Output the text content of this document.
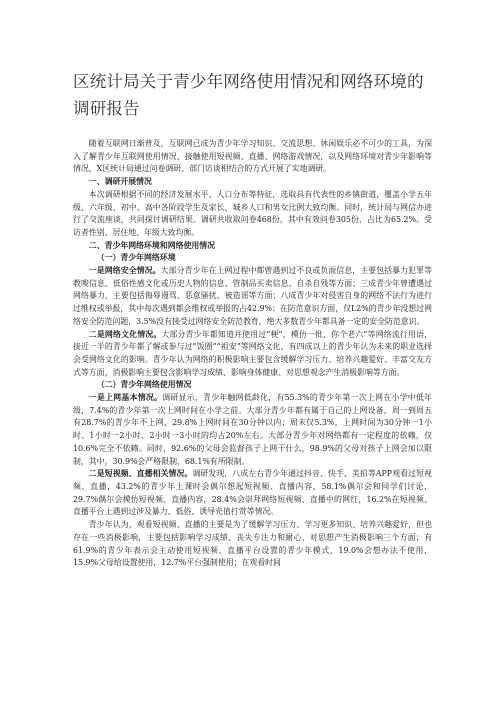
区统计局关于青少年网络使用情况和网络环境的调研报告

随着互联网日渐普及，互联网已成为青少年学习知识、交流思想、休闲娱乐必不可少的工具，为深入了解青少年互联网使用情况、接触使用短视频、直播、网络游戏情况，以及网络环境对青少年影响等情况，X区统计局通过问卷调研、部门访谈相结合的方式开展了实地调研。

一、调研开展情况

本次调研根据不同的经济发展水平、人口分布等特征，选取具有代表性的乡镇街道，覆盖小学五年级、六年级、初中、高中各阶段学生及家长，城乡人口和男女比例大致均衡。同时，统计局与网信办进行了交流座谈，共同探讨调研结果。调研共收取问卷468份，其中有效问卷305份，占比为65.2%。受访者性别、居住地、年级大致均衡。

二、青少年网络环境和网络使用情况

（一）青少年网络环境

一是网络安全情况。大部分青少年在上网过程中都曾遇到过不良或负面信息，主要包括暴力犯罪等教唆信息、低俗性感文化或历史人物的信息、管制品买卖信息、自杀自残等方面；三成青少年曾遭遇过网络暴力，主要包括侮辱谩骂、恶意骚扰、被造谣等方面；八成青少年对侵害自身的网络不法行为进行过维权或举报，其中每次遇到都会维权或举报的占42.9%；在防范意识方面，仅L2%的青少年没想过网络安全防范问题，3.5%没有接受过网络安全防范教育，绝大多数青少年都具备一定的安全防范意识。

二是网络文化情况。大部分青少年都知道并使用过“梗”，模仿一批、你个老六”等网络流行用语，接近一半的青少年都了解或参与过“饭圈”“祖安”等网络文化，有四成以上的青少年认为未来的职业选择会受网络文化的影响。青少年认为网络的积极影响主要包含缓解学习压力、培养兴趣爱好、丰富交友方式等方面，消极影响主要包含影响学习成绩、影响身体健康、对思想观念产生消极影响等方面。

（二）青少年网络使用情况

一是上网基本情况。调研显示，青少年触网低龄化，有55.3%的青少年第一次上网在小学中低年级，7.4%的青少年第一次上网时间在小学之前。大部分青少年都有属于自己的上网设备，周一到周五有28.7%的青少年不上网，29.8%上网时间在30分钟以内；周末仅5.3%，上网时间为30分钟一1小时、1小时一2小时、2小时一3小时的均占20%左右。大部分青少年对网络都有一定程度的依赖，仅10.6%完全不依赖。同时，92.6%的父母会监督孩子上网干什么，98.9%的父母对孩子上网会加以限制，其中，30.9%会严格限制，68.1%有所限制。

二是短视频、直播相关情况。调研发现，八成左右青少年通过抖音、快手、美拍等APP观看过短视频、直播，43.2%的青少年上课时会偶尔想起短视频、直播内容，58.1%偶尔会和同学们讨论，29.7%偶尔会模仿短视频、直播内容，28.4%会崇拜网络短视频、直播中的网红，16.2%在短视频、直播平台上遇到过涉及暴力、低俗、诱导充值打赏等情况。

青少年认为，观看短视频、直播的主要是为了缓解学习压力、学习更多知识、培养兴趣爱好，但也存在一些消极影响，主要包括影响学习成绩、丧失专注力和耐心、对思想产生消极影响三个方面；有61.9%的青少年表示会主动使用短视频、直播平台设置的青少年模式，19.0%会想办法不使用，15.9%父母给设置使用，12.7%平台强制使用；在观看时间
